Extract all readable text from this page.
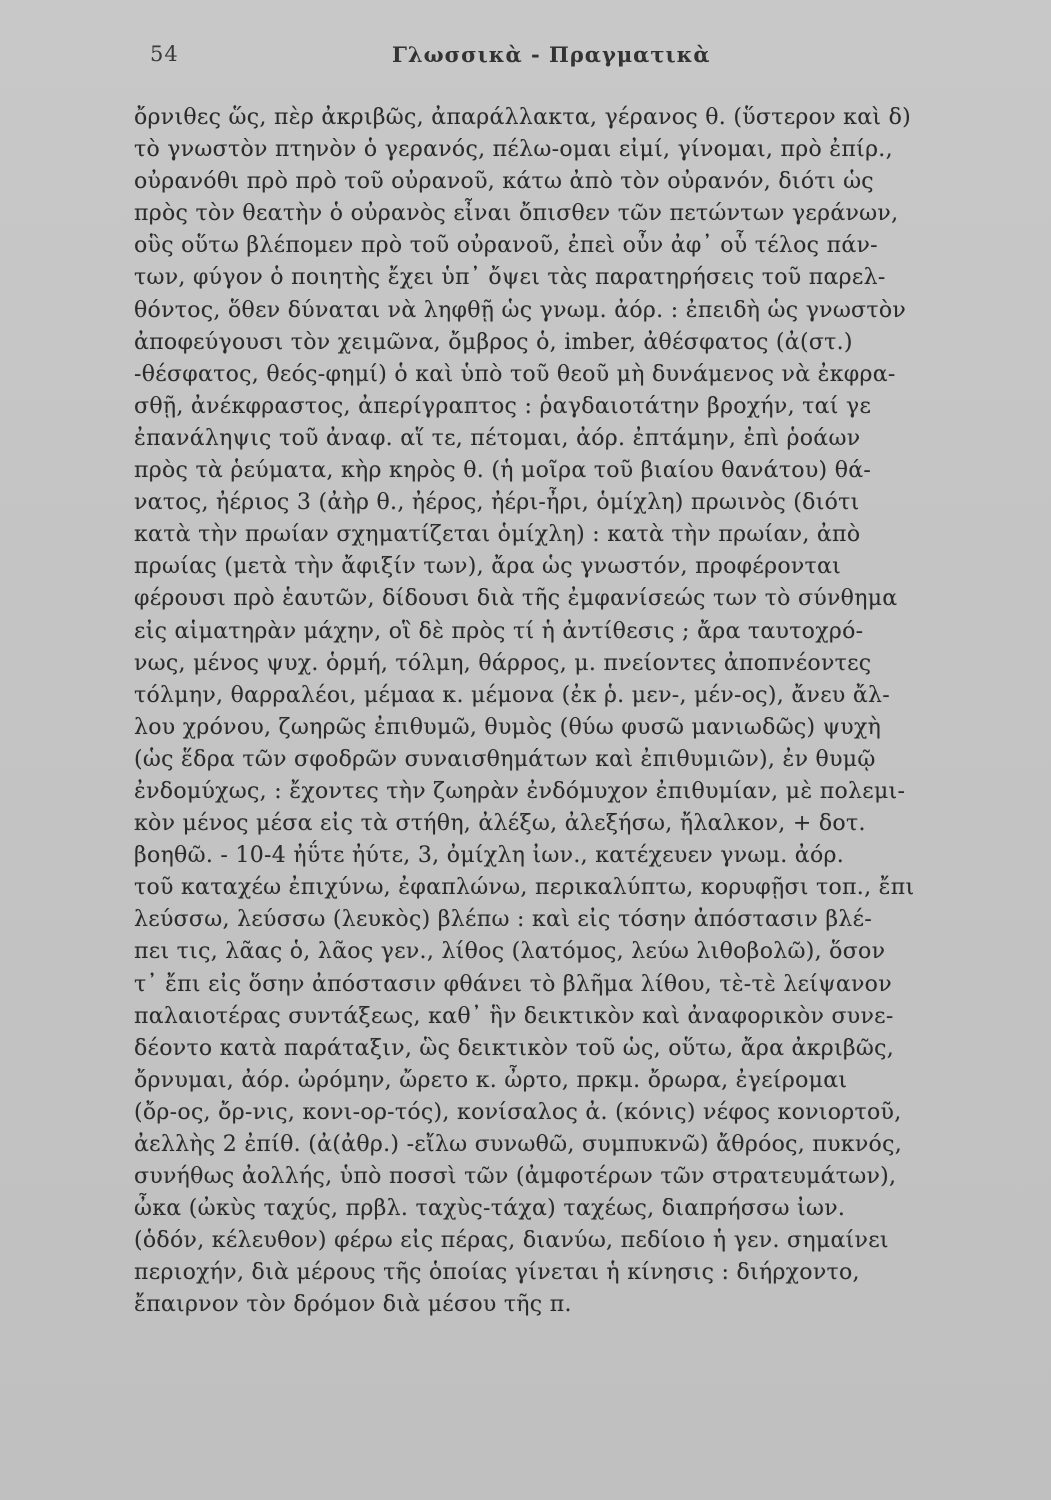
54	Γλωσσικὰ - Πραγματικὰ
ὄρνιθες ὥς, πὲρ ἀκριβῶς, ἀπαράλλακτα, γέρανος θ. (ὕστερον καὶ δ)
τὸ γνωστὸν πτηνὸν ὁ γερανός, πέλω-ομαι εἰμί, γίνομαι, πρὸ ἐπίρ.,
οὐρανόθι πρὸ πρὸ τοῦ οὐρανοῦ, κάτω ἀπὸ τὸν οὐρανόν, διότι ὡς
πρὸς τὸν θεατὴν ὁ οὐρανὸς εἶναι ὄπισθεν τῶν πετώντων γεράνων,
οὓς οὕτω βλέπομεν πρὸ τοῦ οὐρανοῦ, ἐπεὶ οὖν ἀφ᾽ οὗ τέλος πάν-
των, φύγον ὁ ποιητὴς ἔχει ὑπ᾽ ὄψει τὰς παρατηρήσεις τοῦ παρελ-
θόντος, ὅθεν δύναται νὰ ληφθῇ ὡς γνωμ. ἀόρ. : ἐπειδὴ ὡς γνωστὸν
ἀποφεύγουσι τὸν χειμῶνα, ὄμβρος ὁ, imber, ἀθέσφατος (ἀ(στ.)
-θέσφατος, θεός-φημί) ὁ καὶ ὑπὸ τοῦ θεοῦ μὴ δυνάμενος νὰ ἐκφρα-
σθῇ, ἀνέκφραστος, ἀπερίγραπτος : ῥαγδαιοτάτην βροχήν, ταί γε
ἐπανάληψις τοῦ ἀναφ. αἵ τε, πέτομαι, ἀόρ. ἐπτάμην, ἐπὶ ῥοάων
πρὸς τὰ ῥεύματα, κὴρ κηρὸς θ. (ἡ μοῖρα τοῦ βιαίου θανάτου) θά-
νατος, ἠέριος 3 (ἀὴρ θ., ἠέρος, ἠέρι-ἦρι, ὁμίχλη) πρωινὸς (διότι
κατὰ τὴν πρωίαν σχηματίζεται ὁμίχλη) : κατὰ τὴν πρωίαν, ἀπὸ
πρωίας (μετὰ τὴν ἄφιξίν των), ἄρα ὡς γνωστόν, προφέρονται
φέρουσι πρὸ ἑαυτῶν, δίδουσι διὰ τῆς ἐμφανίσεώς των τὸ σύνθημα
εἰς αἱματηρὰν μάχην, οἳ δὲ πρὸς τί ἡ ἀντίθεσις ; ἄρα ταυτοχρό-
νως, μένος ψυχ. ὁρμή, τόλμη, θάρρος, μ. πνείοντες ἀποπνέοντες
τόλμην, θαρραλέοι, μέμαα κ. μέμονα (ἐκ ῥ. μεν-, μέν-ος), ἄνευ ἄλ-
λου χρόνου, ζωηρῶς ἐπιθυμῶ, θυμὸς (θύω φυσῶ μανιωδῶς) ψυχὴ
(ὡς ἕδρα τῶν σφοδρῶν συναισθημάτων καὶ ἐπιθυμιῶν), ἐν θυμῷ
ἐνδομύχως, : ἔχοντες τὴν ζωηρὰν ἐνδόμυχον ἐπιθυμίαν, μὲ πολεμι-
κὸν μένος μέσα εἰς τὰ στήθη, ἀλέξω, ἀλεξήσω, ἤλαλκον, + δοτ.
βοηθῶ. - 10-4 ἠΰτε ἠύτε, 3, ὀμίχλη ἰων., κατέχευεν γνωμ. ἀόρ.
τοῦ καταχέω ἐπιχύνω, ἐφαπλώνω, περικαλύπτω, κορυφῇσι τοπ., ἔπι
λεύσσω, λεύσσω (λευκὸς) βλέπω : καὶ εἰς τόσην ἀπόστασιν βλέ-
πει τις, λᾶας ὁ, λᾶος γεν., λίθος (λατόμος, λεύω λιθοβολῶ), ὅσον
τ᾽ ἔπι εἰς ὅσην ἀπόστασιν φθάνει τὸ βλῆμα λίθου, τὲ-τὲ λείψανον
παλαιοτέρας συντάξεως, καθ᾽ ἣν δεικτικὸν καὶ ἀναφορικὸν συνε-
δέοντο κατὰ παράταξιν, ὣς δεικτικὸν τοῦ ὡς, οὕτω, ἄρα ἀκριβῶς,
ὄρνυμαι, ἀόρ. ὠρόμην, ὤρετο κ. ὦρτο, πρκμ. ὄρωρα, ἐγείρομαι
(ὄρ-ος, ὄρ-νις, κονι-ορ-τός), κονίσαλος ἀ. (κόνις) νέφος κονιορτοῦ,
ἀελλὴς 2 ἐπίθ. (ἀ(ἀθρ.) -εἴλω συνωθῶ, συμπυκνῶ) ἄθρόος, πυκνός,
συνήθως ἀολλής, ὑπὸ ποσσὶ τῶν (ἀμφοτέρων τῶν στρατευμάτων),
ὦκα (ὠκὺς ταχύς, πρβλ. ταχὺς-τάχα) ταχέως, διαπρήσσω ἰων.
(ὁδόν, κέλευθον) φέρω εἰς πέρας, διανύω, πεδίοιο ἡ γεν. σημαίνει
περιοχήν, διὰ μέρους τῆς ὁποίας γίνεται ἡ κίνησις : διήρχοντο,
ἔπαιρνον τὸν δρόμον διὰ μέσου τῆς π.
